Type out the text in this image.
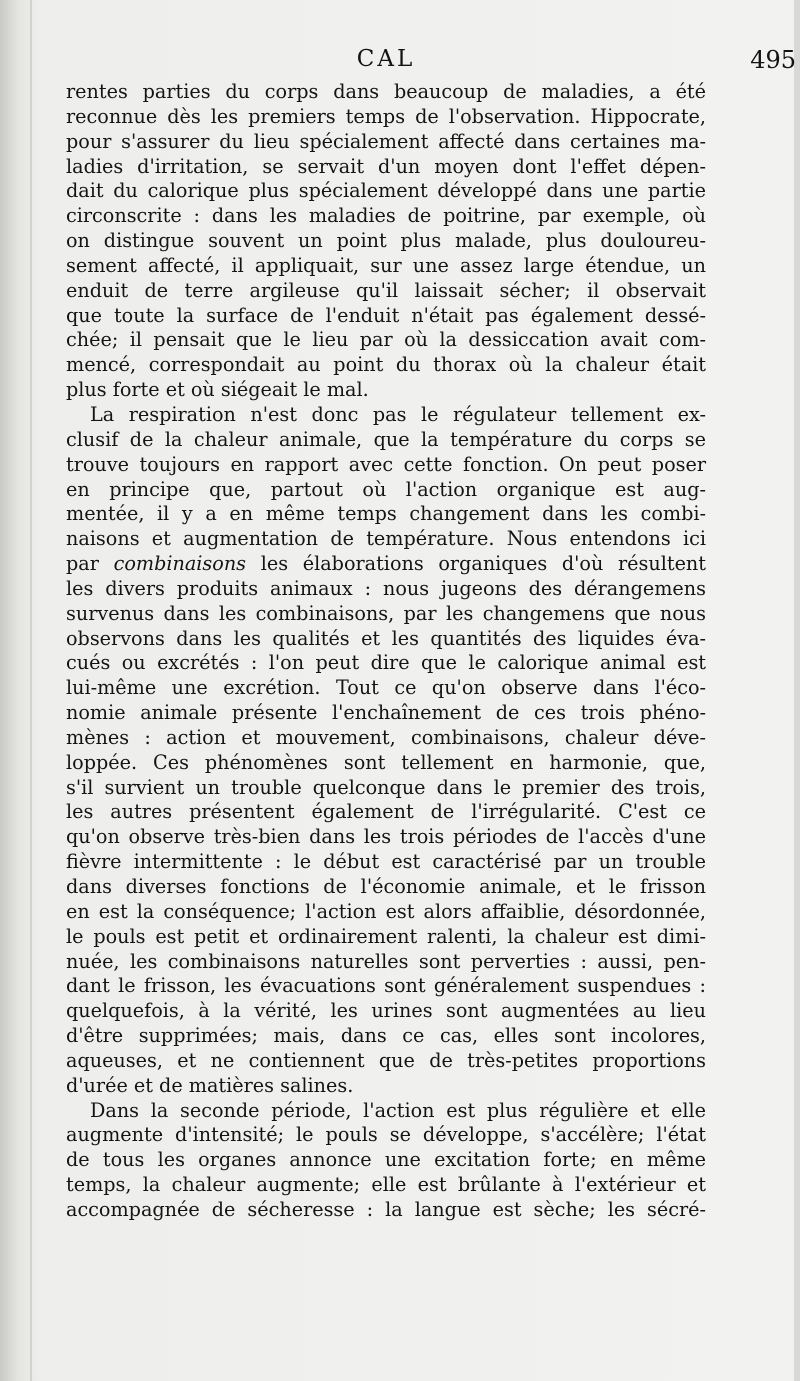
CAL	495

rentes parties du corps dans beaucoup de maladies, a été
reconnue dès les premiers temps de l'observation. Hippocrate,
pour s'assurer du lieu spécialement affecté dans certaines ma-
ladies d'irritation, se servait d'un moyen dont l'effet dépen-
dait du calorique plus spécialement développé dans une partie
circonscrite : dans les maladies de poitrine, par exemple, où
on distingue souvent un point plus malade, plus douloureu-
sement affecté, il appliquait, sur une assez large étendue, un
enduit de terre argileuse qu'il laissait sécher; il observait
que toute la surface de l'enduit n'était pas également dessé-
chée; il pensait que le lieu par où la dessiccation avait com-
mencé, correspondait au point du thorax où la chaleur était
plus forte et où siégeait le mal.

La respiration n'est donc pas le régulateur tellement ex-
clusif de la chaleur animale, que la température du corps se
trouve toujours en rapport avec cette fonction. On peut poser
en principe que, partout où l'action organique est aug-
mentée, il y a en même temps changement dans les combi-
naisons et augmentation de température. Nous entendons ici
par combinaisons les élaborations organiques d'où résultent
les divers produits animaux : nous jugeons des dérangemens
survenus dans les combinaisons, par les changemens que nous
observons dans les qualités et les quantités des liquides éva-
cués ou excrétés : l'on peut dire que le calorique animal est
lui-même une excrétion. Tout ce qu'on observe dans l'éco-
nomie animale présente l'enchaînement de ces trois phéno-
mènes : action et mouvement, combinaisons, chaleur déve-
loppée. Ces phénomènes sont tellement en harmonie, que,
s'il survient un trouble quelconque dans le premier des trois,
les autres présentent également de l'irrégularité. C'est ce
qu'on observe très-bien dans les trois périodes de l'accès d'une
fièvre intermittente : le début est caractérisé par un trouble
dans diverses fonctions de l'économie animale, et le frisson
en est la conséquence; l'action est alors affaiblie, désordonnée,
le pouls est petit et ordinairement ralenti, la chaleur est dimi-
nuée, les combinaisons naturelles sont perverties : aussi, pen-
dant le frisson, les évacuations sont généralement suspendues :
quelquefois, à la vérité, les urines sont augmentées au lieu
d'être supprimées; mais, dans ce cas, elles sont incolores,
aqueuses, et ne contiennent que de très-petites proportions
d'urée et de matières salines.

Dans la seconde période, l'action est plus régulière et elle
augmente d'intensité; le pouls se développe, s'accélère; l'état
de tous les organes annonce une excitation forte; en même
temps, la chaleur augmente; elle est brûlante à l'extérieur et
accompagnée de sécheresse : la langue est sèche; les sécré-
